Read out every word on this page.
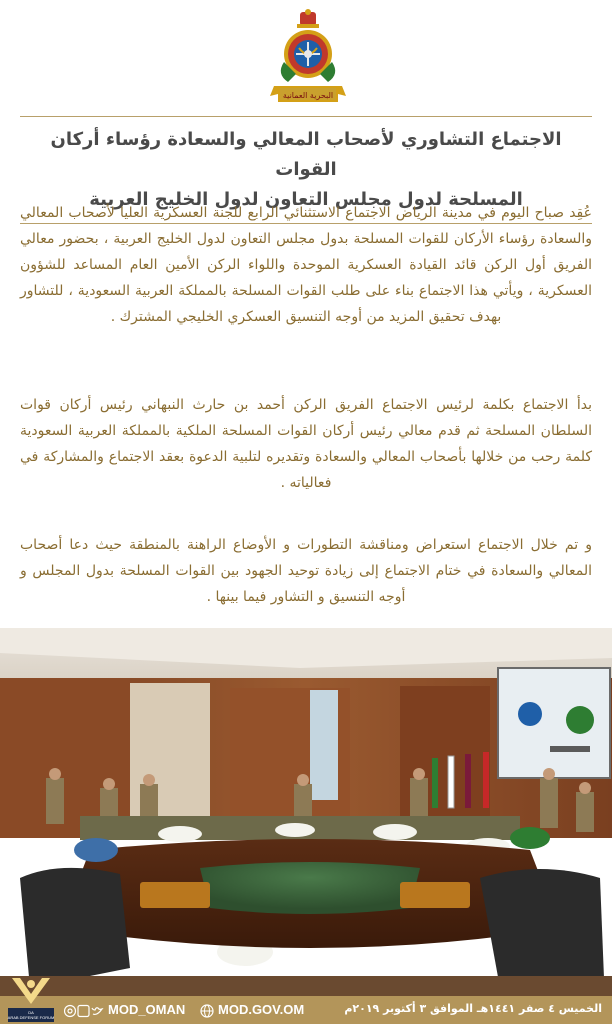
البحرية العمانية
الاجتماع التشاوري لأصحاب المعالي والسعادة رؤساء أركان القوات
المسلحة لدول مجلس التعاون لدول الخليج العربية

عُقِد صباح اليوم في مدينة الرياض الاجتماع الاستثنائي الرابع للجنة العسكرية العليا لأصحاب المعالي والسعادة رؤساء الأركان للقوات المسلحة بدول مجلس التعاون لدول الخليج العربية ، بحضور معالي الفريق أول الركن قائد القيادة العسكرية الموحدة واللواء الركن الأمين العام المساعد للشؤون العسكرية ، ويأتي هذا الاجتماع بناء على طلب القوات المسلحة بالمملكة العربية السعودية ، للتشاور بهدف تحقيق المزيد من أوجه التنسيق العسكري الخليجي المشترك .

بدأ الاجتماع بكلمة لرئيس الاجتماع الفريق الركن أحمد بن حارث النبهاني رئيس أركان قوات السلطان المسلحة ثم قدم معالي رئيس أركان القوات المسلحة الملكية بالمملكة العربية السعودية كلمة رحب من خلالها بأصحاب المعالي والسعادة وتقديره لتلبية الدعوة بعقد الاجتماع والمشاركة في فعالياته .

و تم خلال الاجتماع استعراض ومناقشة التطورات و الأوضاع الراهنة بالمنطقة حيث دعا أصحاب المعالي والسعادة في ختام الاجتماع إلى زيادة توحيد الجهود بين القوات المسلحة بدول المجلس و أوجه التنسيق و التشاور فيما بينها .

DA
ARAB DEFENSE FORUM
MOD_OMAN	MOD.GOV.OM	الخميس ٤ صفر ١٤٤١هـ الموافق ٣ أكتوبر ٢٠١٩م
